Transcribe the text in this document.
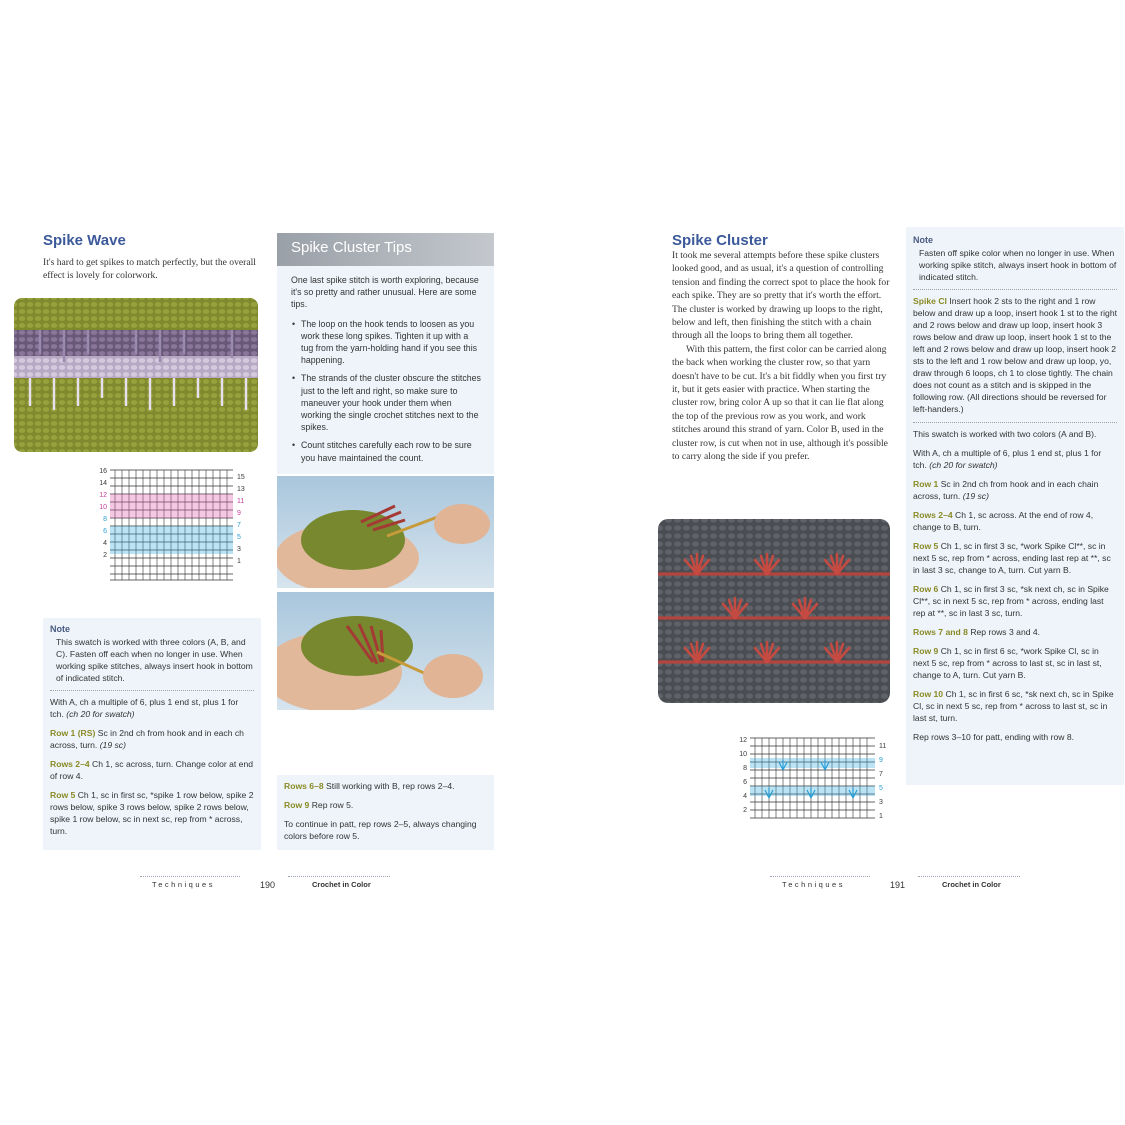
Spike Wave
It's hard to get spikes to match perfectly, but the overall effect is lovely for colorwork.
16
14
12
10
8
6
4
2
15
13
11
9
7
5
3
1
Note
This swatch is worked with three colors (A, B, and C). Fasten off each when no longer in use. When working spike stitches, always insert hook in bottom of indicated stitch.
With A, ch a multiple of 6, plus 1 end st, plus 1 for tch. (ch 20 for swatch)
Row 1 (RS) Sc in 2nd ch from hook and in each ch across, turn. (19 sc)
Rows 2–4 Ch 1, sc across, turn. Change color at end of row 4.
Row 5 Ch 1, sc in first sc, *spike 1 row below, spike 2 rows below, spike 3 rows below, spike 2 rows below, spike 1 row below, sc in next sc, rep from * across, turn.
Spike Cluster Tips
One last spike stitch is worth exploring, because it's so pretty and rather unusual. Here are some tips.
• The loop on the hook tends to loosen as you work these long spikes. Tighten it up with a tug from the yarn-holding hand if you see this happening.
• The strands of the cluster obscure the stitches just to the left and right, so make sure to maneuver your hook under them when working the single crochet stitches next to the spikes.
• Count stitches carefully each row to be sure you have maintained the count.
Rows 6–8 Still working with B, rep rows 2–4.
Row 9 Rep row 5.
To continue in patt, rep rows 2–5, always changing colors before row 5.
Techniques	190	Crochet in Color
Spike Cluster
It took me several attempts before these spike clusters looked good, and as usual, it's a question of controlling tension and finding the correct spot to place the hook for each spike. They are so pretty that it's worth the effort. The cluster is worked by drawing up loops to the right, below and left, then finishing the stitch with a chain through all the loops to bring them all together.
With this pattern, the first color can be carried along the back when working the cluster row, so that yarn doesn't have to be cut. It's a bit fiddly when you first try it, but it gets easier with practice. When starting the cluster row, bring color A up so that it can lie flat along the top of the previous row as you work, and work stitches around this strand of yarn. Color B, used in the cluster row, is cut when not in use, although it's possible to carry along the side if you prefer.
12
10
8
6
4
2
11
9
7
5
3
1
Note
Fasten off spike color when no longer in use. When working spike stitch, always insert hook in bottom of indicated stitch.
Spike Cl Insert hook 2 sts to the right and 1 row below and draw up a loop, insert hook 1 st to the right and 2 rows below and draw up loop, insert hook 3 rows below and draw up loop, insert hook 1 st to the left and 2 rows below and draw up loop, insert hook 2 sts to the left and 1 row below and draw up loop, yo, draw through 6 loops, ch 1 to close tightly. The chain does not count as a stitch and is skipped in the following row. (All directions should be reversed for left-handers.)
This swatch is worked with two colors (A and B).
With A, ch a multiple of 6, plus 1 end st, plus 1 for tch. (ch 20 for swatch)
Row 1 Sc in 2nd ch from hook and in each chain across, turn. (19 sc)
Rows 2–4 Ch 1, sc across. At the end of row 4, change to B, turn.
Row 5 Ch 1, sc in first 3 sc, *work Spike Cl**, sc in next 5 sc, rep from * across, ending last rep at **, sc in last 3 sc, change to A, turn. Cut yarn B.
Row 6 Ch 1, sc in first 3 sc, *sk next ch, sc in Spike Cl**, sc in next 5 sc, rep from * across, ending last rep at **, sc in last 3 sc, turn.
Rows 7 and 8 Rep rows 3 and 4.
Row 9 Ch 1, sc in first 6 sc, *work Spike Cl, sc in next 5 sc, rep from * across to last st, sc in last st, change to A, turn. Cut yarn B.
Row 10 Ch 1, sc in first 6 sc, *sk next ch, sc in Spike Cl, sc in next 5 sc, rep from * across to last st, sc in last st, turn.
Rep rows 3–10 for patt, ending with row 8.
Techniques	191	Crochet in Color
